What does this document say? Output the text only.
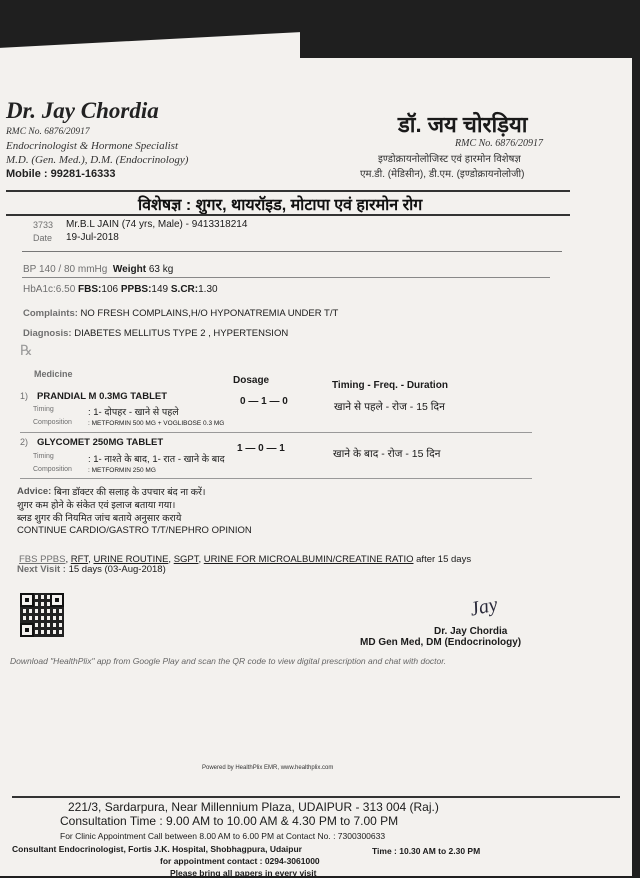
Dr. Jay Chordia
RMC No. 6876/20917
Endocrinologist & Hormone Specialist
M.D. (Gen. Med.), D.M. (Endocrinology)
Mobile : 99281-16333
डॉ. जय चोरड़िया
RMC No. 6876/20917
इण्डोक्रायनोलोजिस्ट एवं हारमोन विशेषज्ञ
एम.डी. (मेडिसीन), डी.एम. (इण्डोक्रायनोलोजी)
विशेषज्ञ : शुगर, थायरॉइड, मोटापा एवं हारमोन रोग
3733 Mr.B.L JAIN (74 yrs, Male) - 9413318214
Date 19-Jul-2018
BP 140 / 80 mmHg Weight 63 kg
HbA1c:6.50 FBS:106 PPBS:149 S.CR:1.30
Complaints: NO FRESH COMPLAINS,H/O HYPONATREMIA UNDER T/T
Diagnosis: DIABETES MELLITUS TYPE 2 , HYPERTENSION
℞
Medicine
Dosage	Timing - Freq. - Duration
1) PRANDIAL M 0.3MG TABLET
Timing	: 1- दोपहर - खाने से पहले
Composition : METFORMIN 500 MG + VOGLIBOSE 0.3 MG
0 — 1 — 0	खाने से पहले - रोज - 15 दिन
2) GLYCOMET 250MG TABLET
Timing	: 1- नाश्ते के बाद, 1- रात - खाने के बाद
Composition : METFORMIN 250 MG
1 — 0 — 1	खाने के बाद - रोज - 15 दिन
Advice: बिना डॉक्टर की सलाह के उपचार बंद ना करें।
शुगर कम होने के संकेत एवं इलाज बताया गया।
ब्लड शुगर की नियमित जांच बताये अनुसार कराये
CONTINUE CARDIO/GASTRO T/T/NEPHRO OPINION
FBS PPBS, RFT, URINE ROUTINE, SGPT, URINE FOR MICROALBUMIN/CREATINE RATIO after 15 days
Next Visit : 15 days (03-Aug-2018)
Jay
Dr. Jay Chordia
MD Gen Med, DM (Endocrinology)
Download "HealthPlix" app from Google Play and scan the QR code to view digital prescription and chat with doctor.
Powered by HealthPlix EMR, www.healthplix.com
221/3, Sardarpura, Near Millennium Plaza, UDAIPUR - 313 004 (Raj.)
Consultation Time : 9.00 AM to 10.00 AM & 4.30 PM to 7.00 PM
For Clinic Appointment Call between 8.00 AM to 6.00 PM at Contact No. : 7300300633
Consultant Endocrinologist, Fortis J.K. Hospital, Shobhagpura, Udaipur	Time : 10.30 AM to 2.30 PM
for appointment contact : 0294-3061000
Please bring all papers in every visit
